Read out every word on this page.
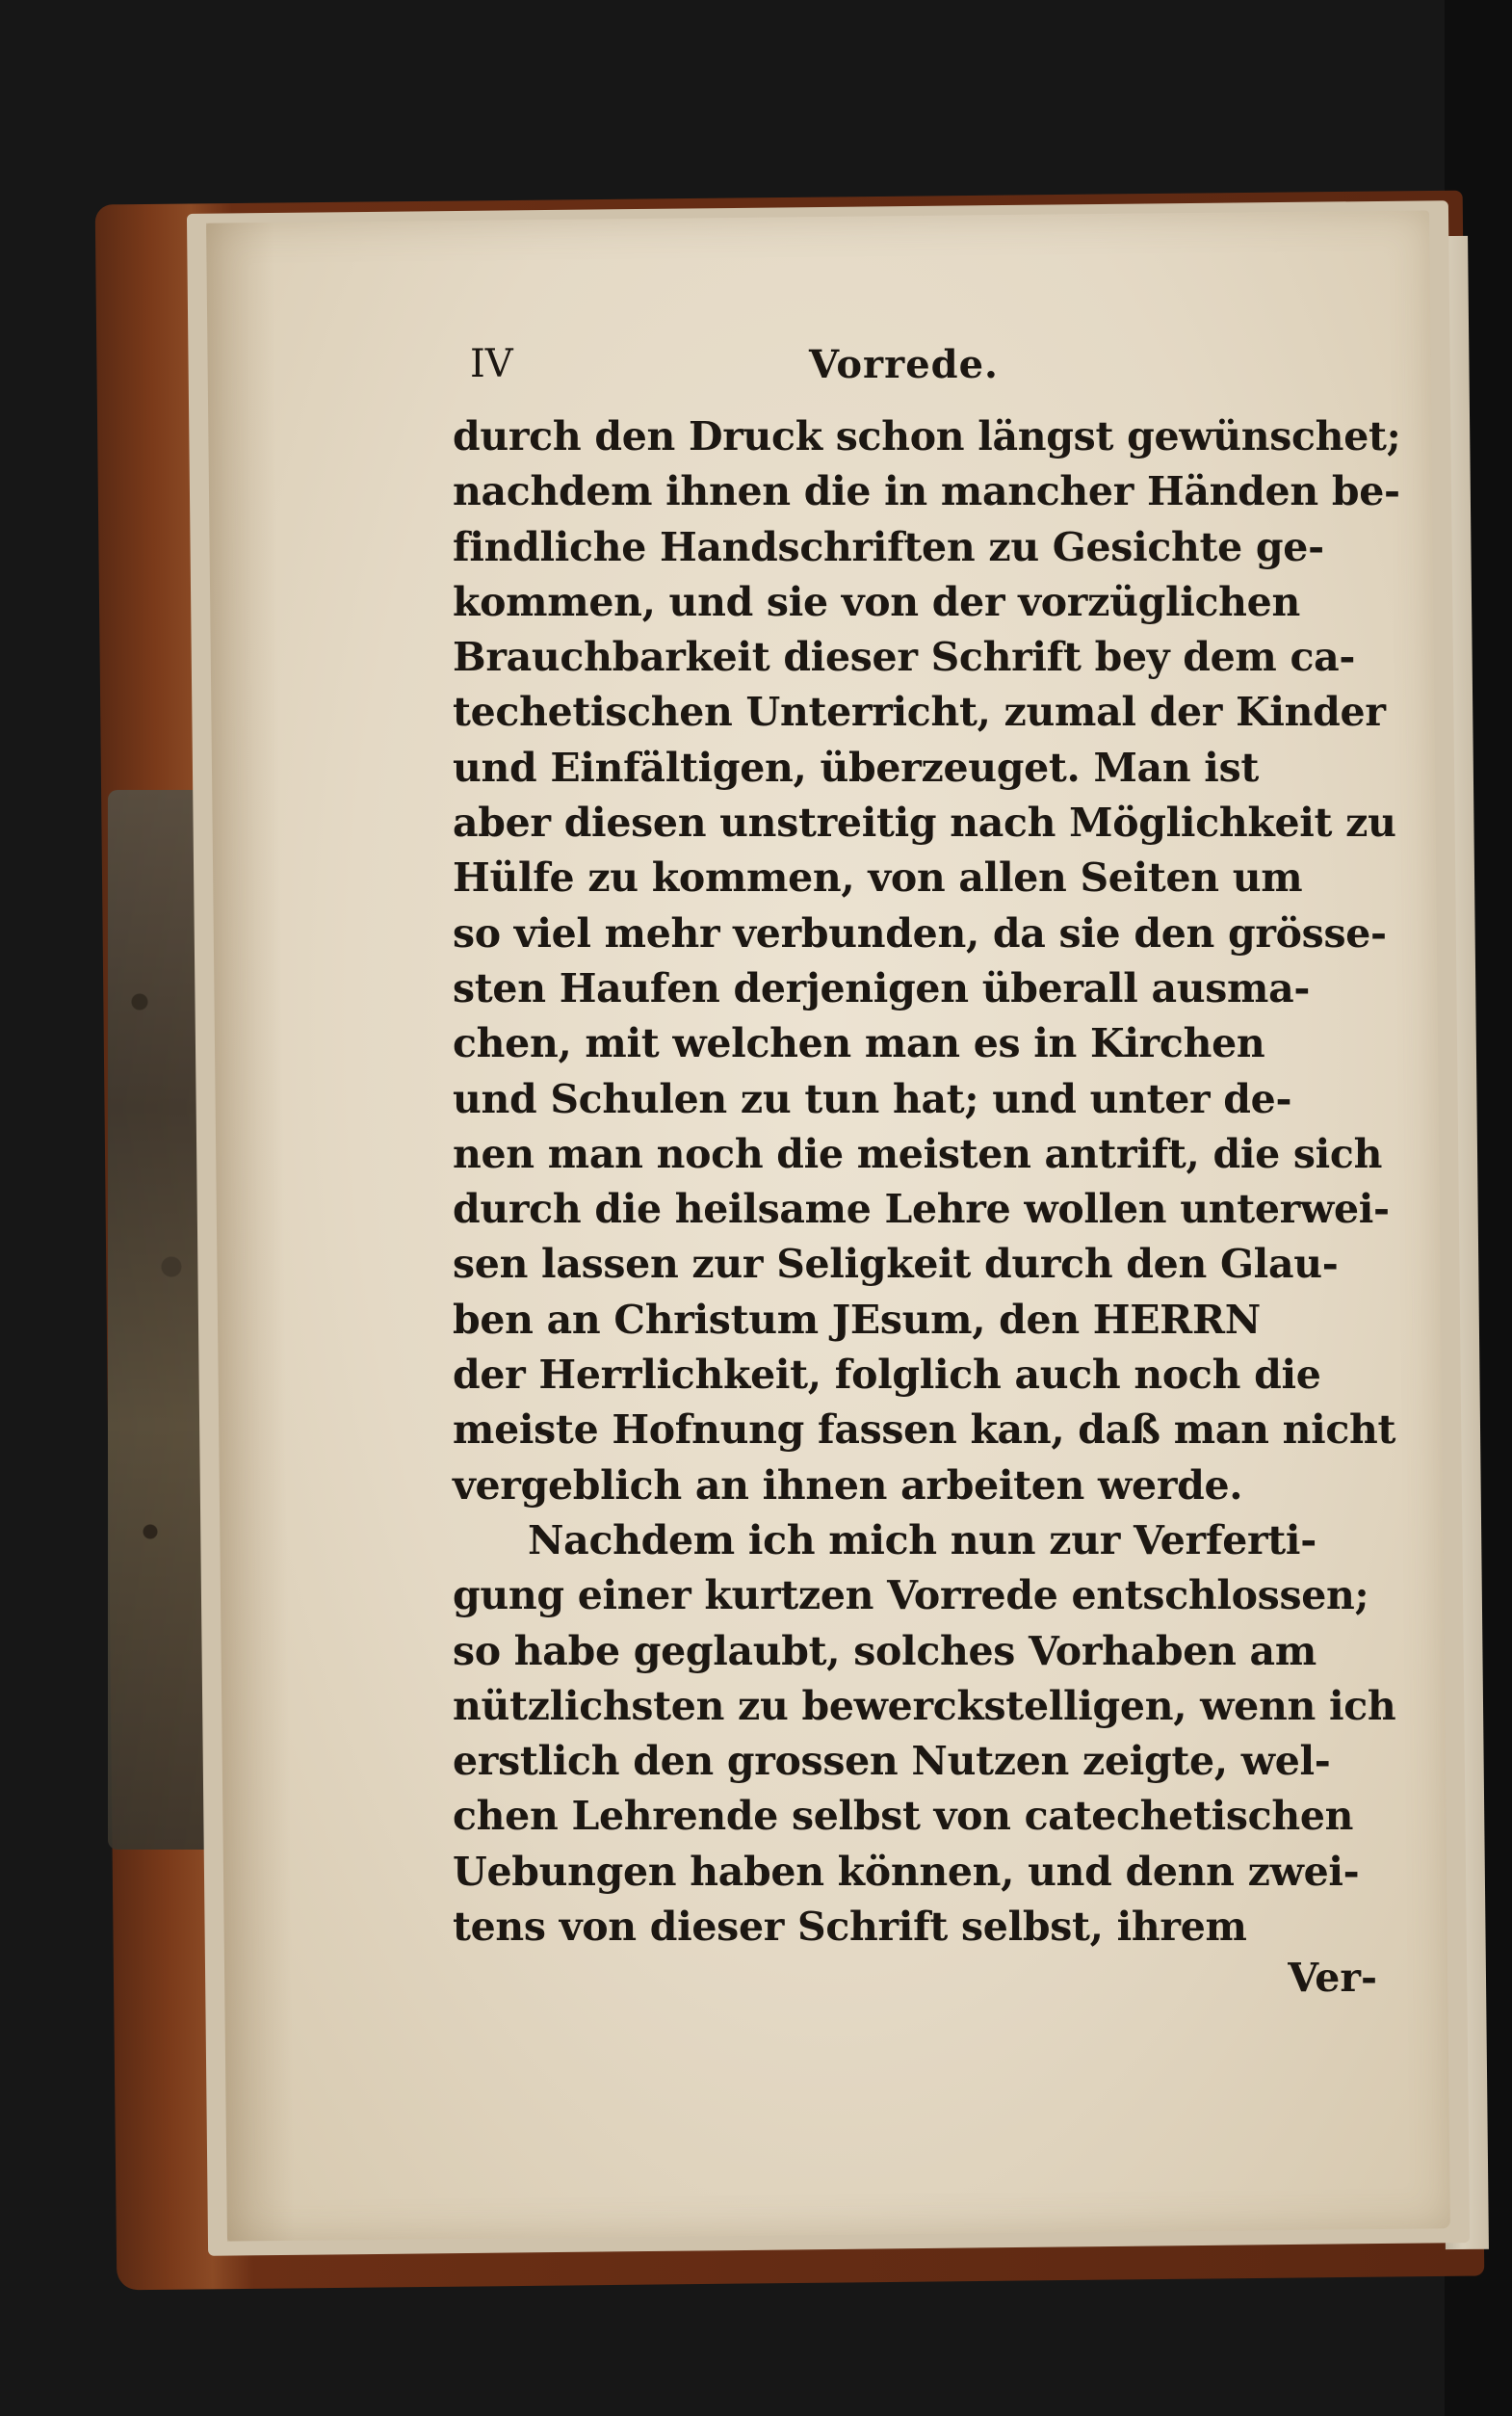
IV	Vorrede.
durch den Druck schon längst gewünschet;
nachdem ihnen die in mancher Händen be-
findliche Handschriften zu Gesichte ge-
kommen, und sie von der vorzüglichen
Brauchbarkeit dieser Schrift bey dem ca-
techetischen Unterricht, zumal der Kinder
und Einfältigen, überzeuget. Man ist
aber diesen unstreitig nach Möglichkeit zu
Hülfe zu kommen, von allen Seiten um
so viel mehr verbunden, da sie den grösse-
sten Haufen derjenigen überall ausma-
chen, mit welchen man es in Kirchen
und Schulen zu tun hat; und unter de-
nen man noch die meisten antrift, die sich
durch die heilsame Lehre wollen unterwei-
sen lassen zur Seligkeit durch den Glau-
ben an Christum JEsum, den HERRN
der Herrlichkeit, folglich auch noch die
meiste Hofnung fassen kan, daß man nicht
vergeblich an ihnen arbeiten werde.
Nachdem ich mich nun zur Verferti-
gung einer kurtzen Vorrede entschlossen;
so habe geglaubt, solches Vorhaben am
nützlichsten zu bewerckstelligen, wenn ich
erstlich den grossen Nutzen zeigte, wel-
chen Lehrende selbst von catechetischen
Uebungen haben können, und denn zwei-
tens von dieser Schrift selbst, ihrem
Ver-
